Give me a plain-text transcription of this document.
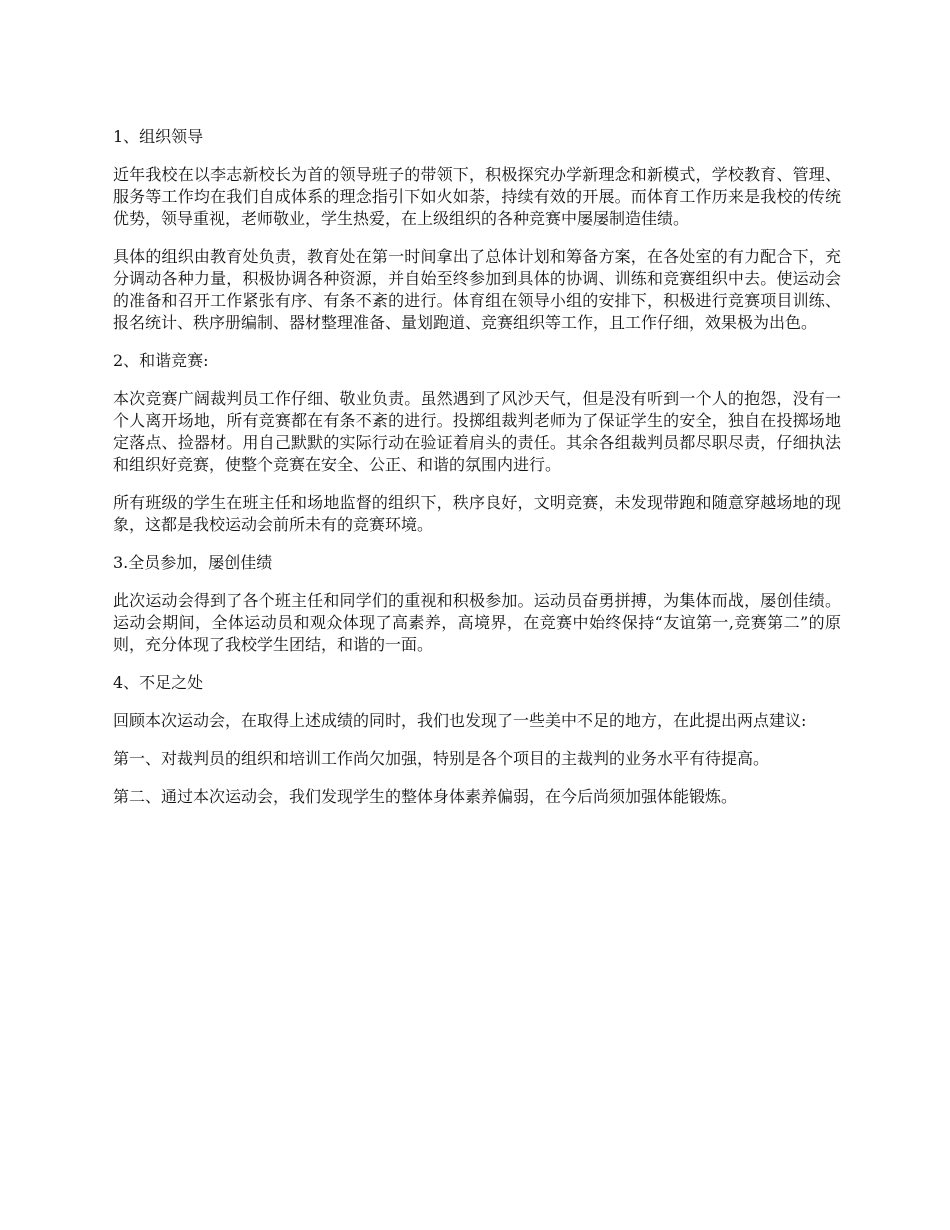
1、组织领导

近年我校在以李志新校长为首的领导班子的带领下，积极探究办学新理念和新模式，学校教育、管理、服务等工作均在我们自成体系的理念指引下如火如荼，持续有效的开展。而体育工作历来是我校的传统优势，领导重视，老师敬业，学生热爱，在上级组织的各种竞赛中屡屡制造佳绩。

具体的组织由教育处负责，教育处在第一时间拿出了总体计划和筹备方案，在各处室的有力配合下，充分调动各种力量，积极协调各种资源，并自始至终参加到具体的协调、训练和竞赛组织中去。使运动会的准备和召开工作紧张有序、有条不紊的进行。体育组在领导小组的安排下，积极进行竞赛项目训练、报名统计、秩序册编制、器材整理准备、量划跑道、竞赛组织等工作，且工作仔细，效果极为出色。

2、和谐竞赛:

本次竞赛广阔裁判员工作仔细、敬业负责。虽然遇到了风沙天气，但是没有听到一个人的抱怨，没有一个人离开场地，所有竞赛都在有条不紊的进行。投掷组裁判老师为了保证学生的安全，独自在投掷场地定落点、捡器材。用自己默默的实际行动在验证着肩头的责任。其余各组裁判员都尽职尽责，仔细执法和组织好竞赛，使整个竞赛在安全、公正、和谐的氛围内进行。

所有班级的学生在班主任和场地监督的组织下，秩序良好，文明竞赛，未发现带跑和随意穿越场地的现象，这都是我校运动会前所未有的竞赛环境。

3.全员参加，屡创佳绩

此次运动会得到了各个班主任和同学们的重视和积极参加。运动员奋勇拼搏，为集体而战，屡创佳绩。运动会期间，全体运动员和观众体现了高素养，高境界，在竞赛中始终保持“友谊第一,竞赛第二”的原则，充分体现了我校学生团结，和谐的一面。

4、不足之处

回顾本次运动会，在取得上述成绩的同时，我们也发现了一些美中不足的地方，在此提出两点建议:

第一、对裁判员的组织和培训工作尚欠加强，特别是各个项目的主裁判的业务水平有待提高。

第二、通过本次运动会，我们发现学生的整体身体素养偏弱，在今后尚须加强体能锻炼。
